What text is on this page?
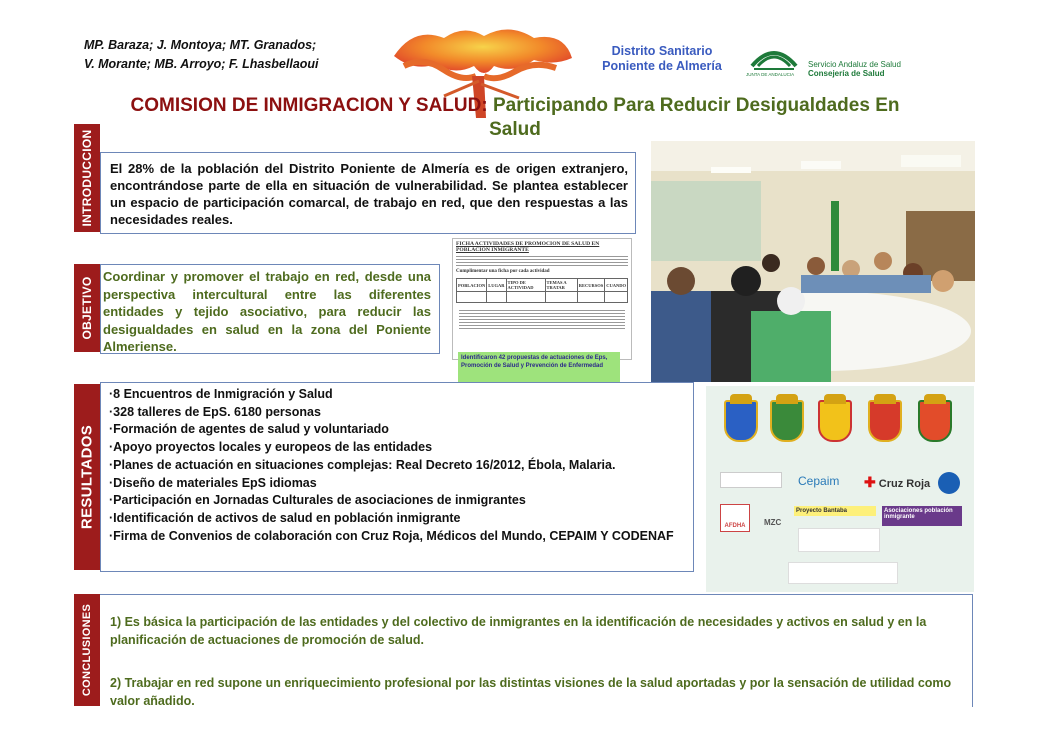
MP. Baraza; J. Montoya; MT. Granados;
V. Morante; MB. Arroyo; F. Lhasbellaoui
Distrito Sanitario
Poniente de Almería
JUNTA DE ANDALUCIA
Servicio Andaluz de Salud
Consejería de Salud
COMISION DE INMIGRACION Y SALUD: Participando Para Reducir Desigualdades En Salud
INTRODUCCION El 28% de la población del Distrito Poniente de Almería es de origen extranjero, encontrándose parte de ella en situación de vulnerabilidad. Se plantea establecer un espacio de participación comarcal, de trabajo en red, que den respuestas a las necesidades reales.
OBJETIVO Coordinar y promover el trabajo en red, desde una perspectiva intercultural entre las diferentes entidades y tejido asociativo, para reducir las desigualdades en salud en la zona del Poniente Almeriense.
FICHA ACTIVIDADES DE PROMOCION DE SALUD EN POBLACION INMIGRANTE
Cumplimentar una ficha por cada actividad
POBLACION	LUGAR	TIPO DE ACTIVIDAD	TEMAS A TRATAR	RECURSOS	CUANDO

Identificaron 42 propuestas de actuaciones de Eps, Promoción de Salud y Prevención de Enfermedad
RESULTADOS
·8 Encuentros de Inmigración y Salud
·328 talleres de EpS. 6180 personas
·Formación de agentes de salud y voluntariado
·Apoyo proyectos locales y europeos de las entidades
·Planes de actuación en situaciones complejas: Real Decreto 16/2012, Ébola, Malaria.
·Diseño de materiales EpS idiomas
·Participación en Jornadas Culturales de asociaciones de inmigrantes
·Identificación de activos de salud en población inmigrante
·Firma de Convenios de colaboración con Cruz Roja, Médicos del Mundo, CEPAIM Y CODENAF
Cepaim ✚ Cruz Roja
AFDHA	MZC
Proyecto Bantaba	Asociaciones población inmigrante
CONCLUSIONES 1) Es básica la participación de las entidades y del colectivo de inmigrantes en la identificación de necesidades y activos en salud y en la planificación de actuaciones de promoción de salud.

2) Trabajar en red supone un enriquecimiento profesional por las distintas visiones de la salud aportadas y por la sensación de utilidad como valor añadido.
